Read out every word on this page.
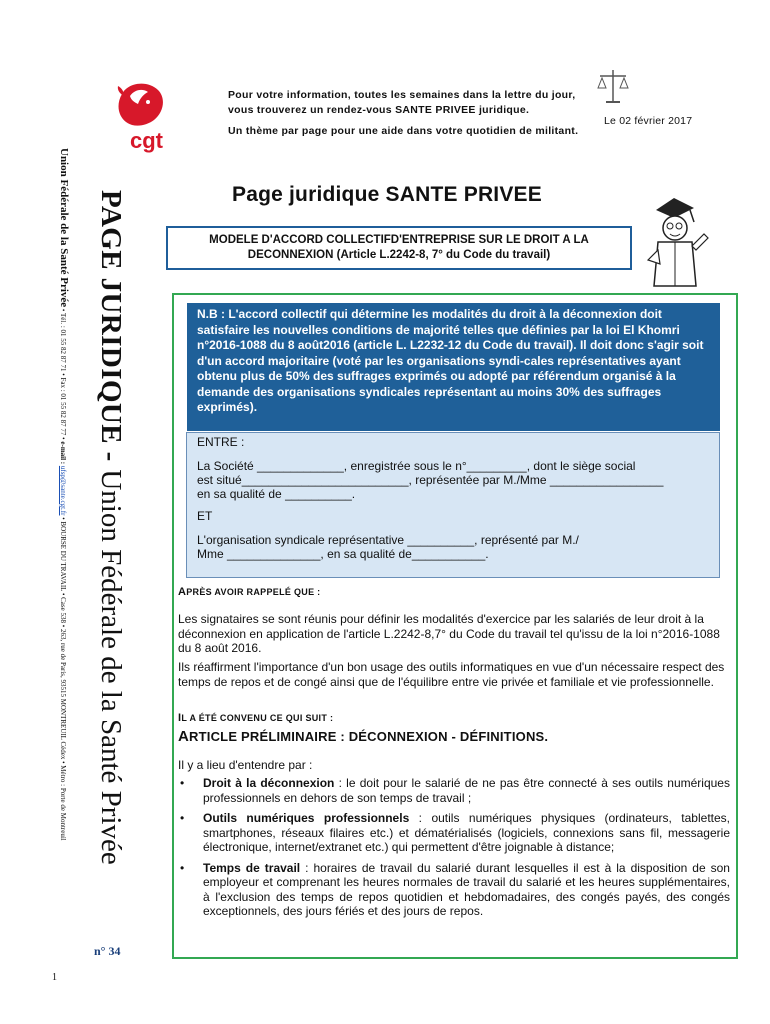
cgt
Pour votre information, toutes les semaines dans la lettre du jour,
vous trouverez un rendez-vous SANTE PRIVEE juridique.
Un thème par page pour une aide dans votre quotidien de militant.
Le 02 février 2017
Union Fédérale de la Santé Privée • Tél. : 01 55 82 87 71 • Fax : 01 55 82 87 77 • e-mail : ufsp@sante.cgt.fr • BOURSE DU TRAVAIL • Case 538 • 263, rue de Paris, 93515 MONTREUIL Cédex • Métro : Porte de Montreuil
PAGE JURIDIQUE - Union Fédérale de la Santé Privée
n° 34
1
Page juridique SANTE PRIVEE
MODELE D'ACCORD COLLECTIFD'ENTREPRISE SUR LE DROIT A LA
DECONNEXION (Article L.2242-8, 7° du Code du travail)
N.B : L'accord collectif qui détermine les modalités du droit à la déconnexion doit satisfaire les nouvelles conditions de majorité telles que définies par la loi El Khomri n°2016-1088 du 8 août2016 (article L. L2232-12 du Code du travail). Il doit donc s'agir soit d'un accord majoritaire (voté par les organisations syndi-cales représentatives ayant obtenu plus de 50% des suffrages exprimés ou adopté par référendum organisé à la demande des organisations syndicales représentant au moins 30% des suffrages exprimés).

ENTRE :

La Société _____________, enregistrée sous le n°_________, dont le siège social

est situé_________________________, représentée par M./Mme _________________

en sa qualité de __________.

ET

L'organisation syndicale représentative __________, représenté par M./

Mme ______________, en sa qualité de___________.

APRÈS AVOIR RAPPELÉ QUE :
Les signataires se sont réunis pour définir les modalités d'exercice par les salariés de leur droit à la déconnexion en application de l'article L.2242-8,7° du Code du travail tel qu'issu de la loi n°2016-1088 du 8 août 2016.
Ils réaffirment l'importance d'un bon usage des outils informatiques en vue d'un nécessaire respect des temps de repos et de congé ainsi que de l'équilibre entre vie privée et familiale et vie professionnelle.
IL A ÉTÉ CONVENU CE QUI SUIT :
ARTICLE PRÉLIMINAIRE : DÉCONNEXION - DÉFINITIONS.
Il y a lieu d'entendre par :
• Droit à la déconnexion : le doit pour le salarié de ne pas être connecté à ses outils numériques professionnels en dehors de son temps de travail ;
• Outils numériques professionnels : outils numériques physiques (ordinateurs, tablettes, smartphones, réseaux filaires etc.) et dématérialisés (logiciels, connexions sans fil, messagerie électronique, internet/extranet etc.) qui permettent d'être joignable à distance;
• Temps de travail : horaires de travail du salarié durant lesquelles il est à la disposition de son employeur et comprenant les heures normales de travail du salarié et les heures supplémentaires, à l'exclusion des temps de repos quotidien et hebdomadaires, des congés payés, des congés exceptionnels, des jours fériés et des jours de repos.
